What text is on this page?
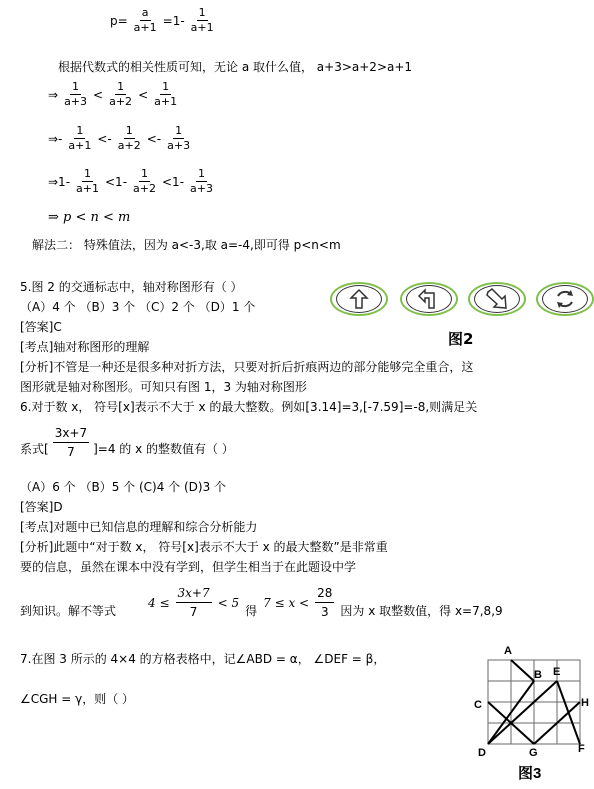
$p= \frac{a}{a+1} =1- \frac{1}{a+1}$
根据代数式的相关性质可知，无论 a 取什么值， a+3>a+2>a+1
⇒ $\frac{1}{a+3} < \frac{1}{a+2} < \frac{1}{a+1}$
⇒- $\frac{1}{a+1} <- \frac{1}{a+2} <- \frac{1}{a+3}$
⇒1- $\frac{1}{a+1} <1- \frac{1}{a+2} <1- \frac{1}{a+3}$
⇒ p < n < m
解法二： 特殊值法，因为 a<-3,取 a=-4,即可得 p<n<m
5.图 2 的交通标志中，轴对称图形有（ ）
（A）4 个 （B）3 个 （C）2 个 （D）1 个
[答案]C
[考点]轴对称图形的理解
[分析]不管是一种还是很多种对折方法，只要对折后折痕两边的部分能够完全重合，这
图形就是轴对称图形。可知只有图 1，3 为轴对称图形
图2
6.对于数 x， 符号[x]表示不大于 x 的最大整数。例如[3.14]=3,[-7.59]=-8,则满足关
系式[ $\frac{3x+7}{7} ]=4$ 的 x 的整数值有（ ）
（A）6 个 （B）5 个 (C)4 个 (D)3 个
[答案]D
[考点]对题中已知信息的理解和综合分析能力
[分析]此题中“对于数 x， 符号[x]表示不大于 x 的最大整数”是非常重
要的信息，虽然在课本中没有学到，但学生相当于在此题设中学
到知识。解不等式
$4 \le \frac{3x+7}{7} < 5$
得
$7 \le x < \frac{28}{3}$ 因为 x 取整数值，得 x=7,8,9
7.在图 3 所示的 4×4 的方格表格中，记∠ABD = α， ∠DEF = β，
∠CGH = γ，则（ ）
A
B E
C	H
D	G	F
图3
